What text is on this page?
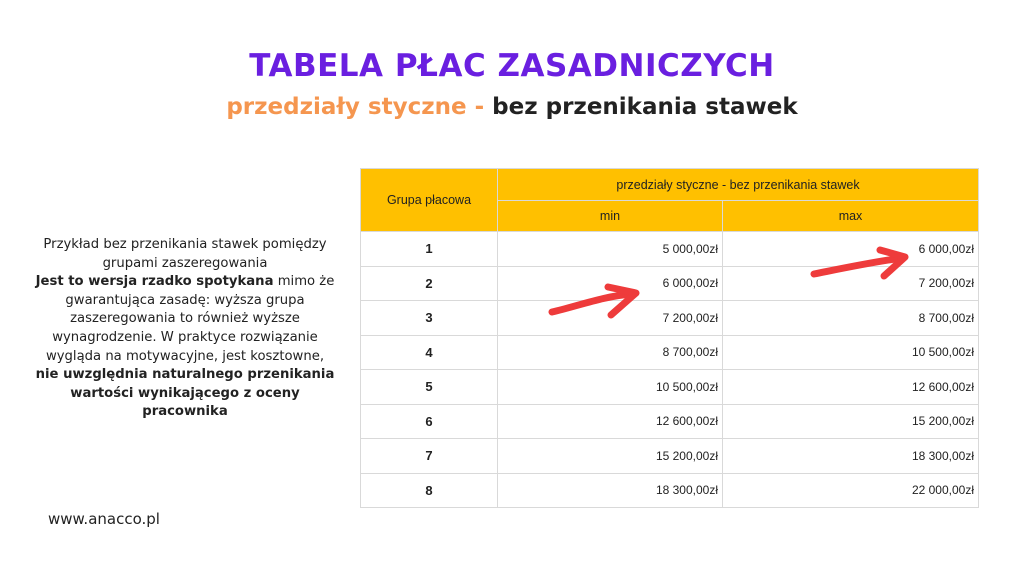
TABELA PŁAC ZASADNICZYCH
przedziały styczne - bez przenikania stawek
Przykład bez przenikania stawek pomiędzy grupami zaszeregowania
Jest to wersja rzadko spotykana mimo że gwarantująca zasadę: wyższa grupa zaszeregowania to również wyższe wynagrodzenie. W praktyce rozwiązanie wygląda na motywacyjne, jest kosztowne, nie uwzględnia naturalnego przenikania wartości wynikającego z oceny pracownika
www.anacco.pl
Grupa płacowa	przedziały styczne - bez przenikania stawek	
	min	max
1	5 000,00zł	6 000,00zł
2	6 000,00zł	7 200,00zł
3	7 200,00zł	8 700,00zł
4	8 700,00zł	10 500,00zł
5	10 500,00zł	12 600,00zł
6	12 600,00zł	15 200,00zł
7	15 200,00zł	18 300,00zł
8	18 300,00zł	22 000,00zł
